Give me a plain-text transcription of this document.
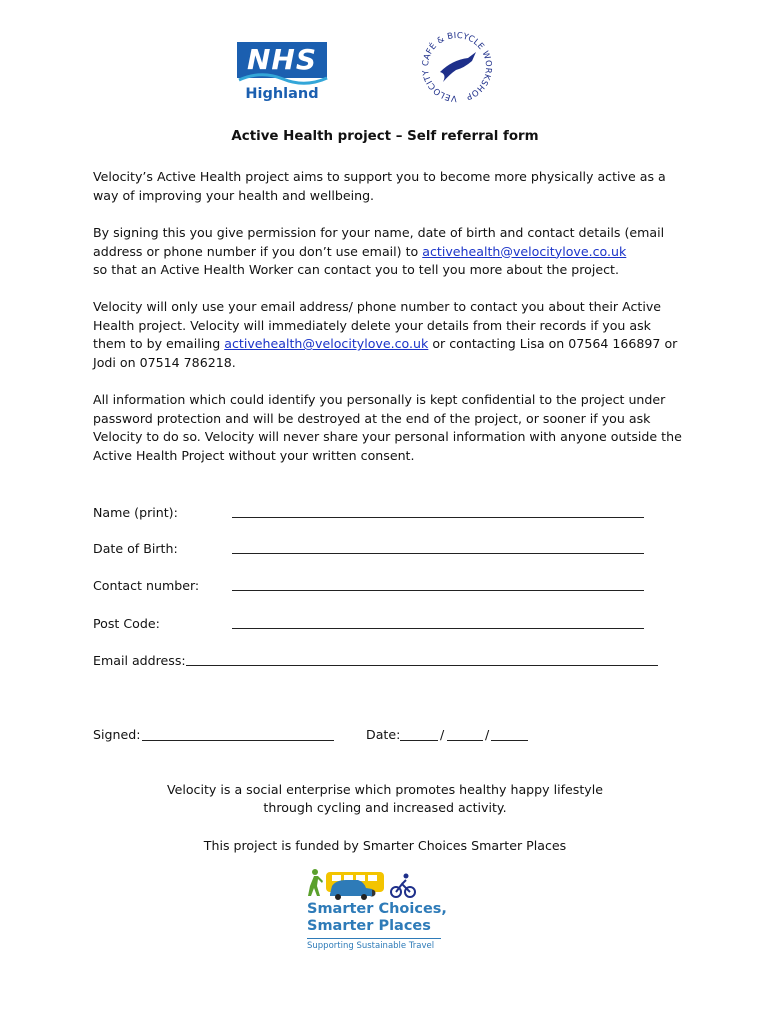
NHS
Highland	VELOCITY CAFÉ & BICYCLE WORKSHOP
Active Health project – Self referral form
Velocity’s Active Health project aims to support you to become more physically active as a way of improving your health and wellbeing.
By signing this you give permission for your name, date of birth and contact details (email address or phone number if you don’t use email) to activehealth@velocitylove.co.uk
so that an Active Health Worker can contact you to tell you more about the project.
Velocity will only use your email address/ phone number to contact you about their Active Health project. Velocity will immediately delete your details from their records if you ask them to by emailing activehealth@velocitylove.co.uk or contacting Lisa on 07564 166897 or Jodi on 07514 786218.
All information which could identify you personally is kept confidential to the project under password protection and will be destroyed at the end of the project, or sooner if you ask Velocity to do so. Velocity will never share your personal information with anyone outside the Active Health Project without your written consent.
Name (print):
Date of Birth:
Contact number:
Post Code:
Email address:
Signed:	Date:	/	/
Velocity is a social enterprise which promotes healthy happy lifestyle
through cycling and increased activity.
This project is funded by Smarter Choices Smarter Places
Smarter Choices,
Smarter Places
Supporting Sustainable Travel
